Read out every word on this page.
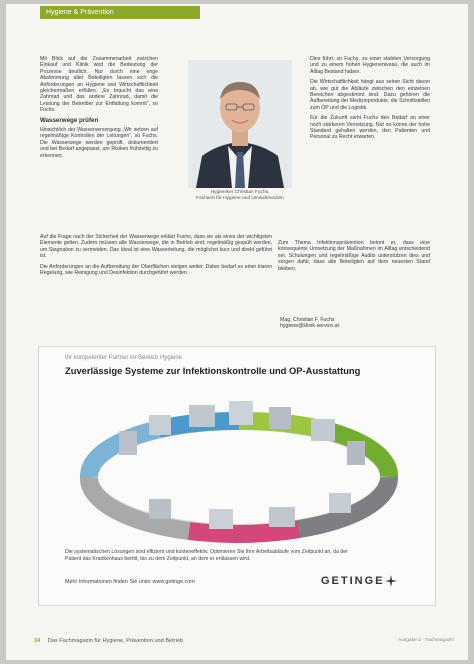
Hygiene & Prävention

Mit Blick auf die Zusammenarbeit zwischen Einkauf und Klinik wird die Bedeutung der Prozesse deutlich. Nur durch eine enge Abstimmung aller Beteiligten lassen sich die Anforderungen an Hygiene und Wirtschaftlichkeit gleichermaßen erfüllen. „Es braucht das eine Zahnrad und das andere Zahnrad, damit die Leistung der Betreiber zur Entfaltung kommt“, so Fuchs.

Wasserwege prüfen

Hinsichtlich der Wasserversorgung „Wir setzen auf regelmäßige Kontrollen der Leitungen“, so Fuchs. Die Wasserwege werden geprüft, dokumentiert und bei Bedarf angepasst, um Risiken frühzeitig zu erkennen.

Hygieniker Christian Fuchs,
Facharzt für Hygiene und Umweltmedizin

Dies führt, so Fuchs, zu einer stabilen Versorgung und zu einem hohen Hygieneniveau, die auch im Alltag Bestand haben.

Die Wirtschaftlichkeit hängt aus seiner Sicht davon ab, wie gut die Abläufe zwischen den einzelnen Bereichen abgestimmt sind. Dazu gehören die Aufbereitung der Medizinprodukte, die Schnittstellen zum OP und die Logistik.

Für die Zukunft sieht Fuchs den Bedarf an einer noch stärkeren Vernetzung. Nur so könne der hohe Standard gehalten werden, den Patienten und Personal zu Recht erwarten.

Auf die Frage nach der Sicherheit der Wasserwege erklärt Fuchs, dass sie als eines der wichtigsten Elemente gelten. Zudem müssen alle Wasserwege, die in Betrieb sind, regelmäßig gespült werden, um Stagnation zu vermeiden. Das Ideal ist eine Wasserleitung, die möglichst kurz und direkt geführt ist.

Die Anforderungen an die Aufbereitung der Oberflächen steigen weiter. Daher bedarf es einer klaren Regelung, wie Reinigung und Desinfektion durchgeführt werden.

Zum Thema Infektionsprävention betont er, dass eine konsequente Umsetzung der Maßnahmen im Alltag entscheidend sei. Schulungen und regelmäßige Audits unterstützen dies und sorgen dafür, dass alle Beteiligten auf dem neuesten Stand bleiben.

Mag. Christian F. Fuchs
hygiene@klinik-service.at
Ihr kompetenter Partner im Bereich Hygiene
Zuverlässige Systeme zur Infektionskontrolle und OP-Ausstattung
Die systematischen Lösungen sind effizient und kosteneffektiv. Optimieren Sie Ihre Arbeitsabläufe vom Zeitpunkt an, da der Patient das Krankenhaus betritt, bis zu dem Zeitpunkt, an dem er entlassen wird.
Mehr Informationen finden Sie unter www.getinge.com	GETINGE
34 Das Fachmagazin für Hygiene, Prävention und Betrieb	Ausgabe 2 · Fachmagazin
